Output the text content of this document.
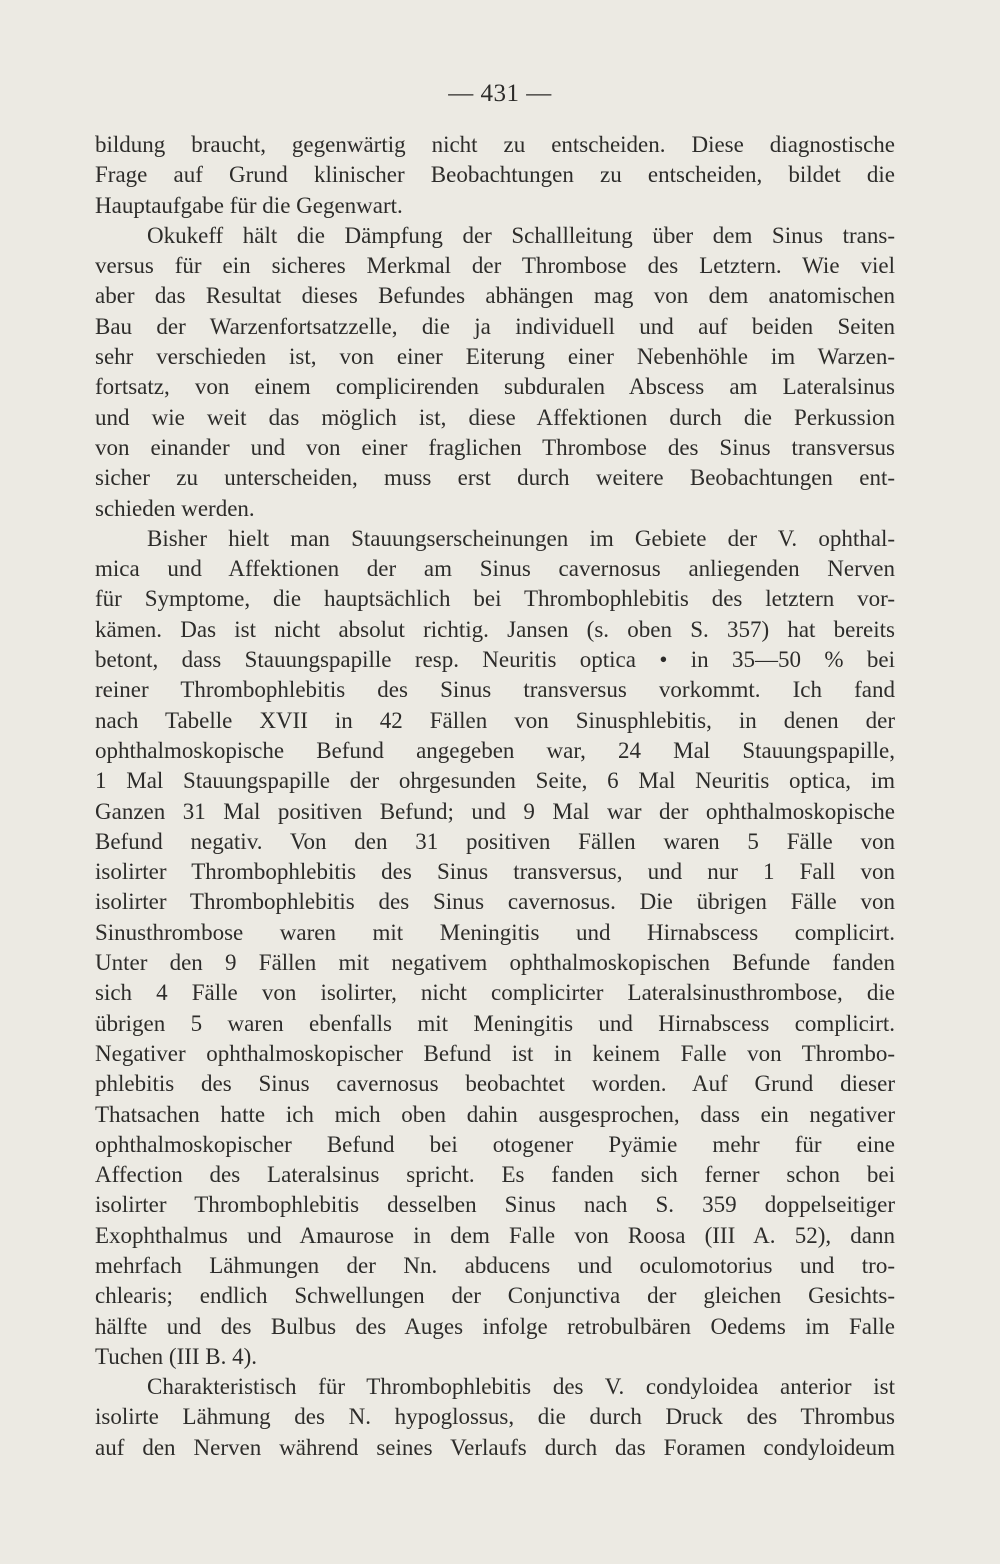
— 431 —
bildung braucht, gegenwärtig nicht zu entscheiden. Diese diagnostische
Frage auf Grund klinischer Beobachtungen zu entscheiden, bildet die
Hauptaufgabe für die Gegenwart.
Okukeff hält die Dämpfung der Schallleitung über dem Sinus trans-
versus für ein sicheres Merkmal der Thrombose des Letztern. Wie viel
aber das Resultat dieses Befundes abhängen mag von dem anatomischen
Bau der Warzenfortsatzzelle, die ja individuell und auf beiden Seiten
sehr verschieden ist, von einer Eiterung einer Nebenhöhle im Warzen-
fortsatz, von einem complicirenden subduralen Abscess am Lateralsinus
und wie weit das möglich ist, diese Affektionen durch die Perkussion
von einander und von einer fraglichen Thrombose des Sinus transversus
sicher zu unterscheiden, muss erst durch weitere Beobachtungen ent-
schieden werden.
Bisher hielt man Stauungserscheinungen im Gebiete der V. ophthal-
mica und Affektionen der am Sinus cavernosus anliegenden Nerven
für Symptome, die hauptsächlich bei Thrombophlebitis des letztern vor-
kämen. Das ist nicht absolut richtig. Jansen (s. oben S. 357) hat bereits
betont, dass Stauungspapille resp. Neuritis optica • in 35—50 % bei
reiner Thrombophlebitis des Sinus transversus vorkommt. Ich fand
nach Tabelle XVII in 42 Fällen von Sinusphlebitis, in denen der
ophthalmoskopische Befund angegeben war, 24 Mal Stauungspapille,
1 Mal Stauungspapille der ohrgesunden Seite, 6 Mal Neuritis optica, im
Ganzen 31 Mal positiven Befund; und 9 Mal war der ophthalmoskopische
Befund negativ. Von den 31 positiven Fällen waren 5 Fälle von
isolirter Thrombophlebitis des Sinus transversus, und nur 1 Fall von
isolirter Thrombophlebitis des Sinus cavernosus. Die übrigen Fälle von
Sinusthrombose waren mit Meningitis und Hirnabscess complicirt.
Unter den 9 Fällen mit negativem ophthalmoskopischen Befunde fanden
sich 4 Fälle von isolirter, nicht complicirter Lateralsinusthrombose, die
übrigen 5 waren ebenfalls mit Meningitis und Hirnabscess complicirt.
Negativer ophthalmoskopischer Befund ist in keinem Falle von Thrombo-
phlebitis des Sinus cavernosus beobachtet worden. Auf Grund dieser
Thatsachen hatte ich mich oben dahin ausgesprochen, dass ein negativer
ophthalmoskopischer Befund bei otogener Pyämie mehr für eine
Affection des Lateralsinus spricht. Es fanden sich ferner schon bei
isolirter Thrombophlebitis desselben Sinus nach S. 359 doppelseitiger
Exophthalmus und Amaurose in dem Falle von Roosa (III A. 52), dann
mehrfach Lähmungen der Nn. abducens und oculomotorius und tro-
chlearis; endlich Schwellungen der Conjunctiva der gleichen Gesichts-
hälfte und des Bulbus des Auges infolge retrobulbären Oedems im Falle
Tuchen (III B. 4).
Charakteristisch für Thrombophlebitis des V. condyloidea anterior ist
isolirte Lähmung des N. hypoglossus, die durch Druck des Thrombus
auf den Nerven während seines Verlaufs durch das Foramen condyloideum
